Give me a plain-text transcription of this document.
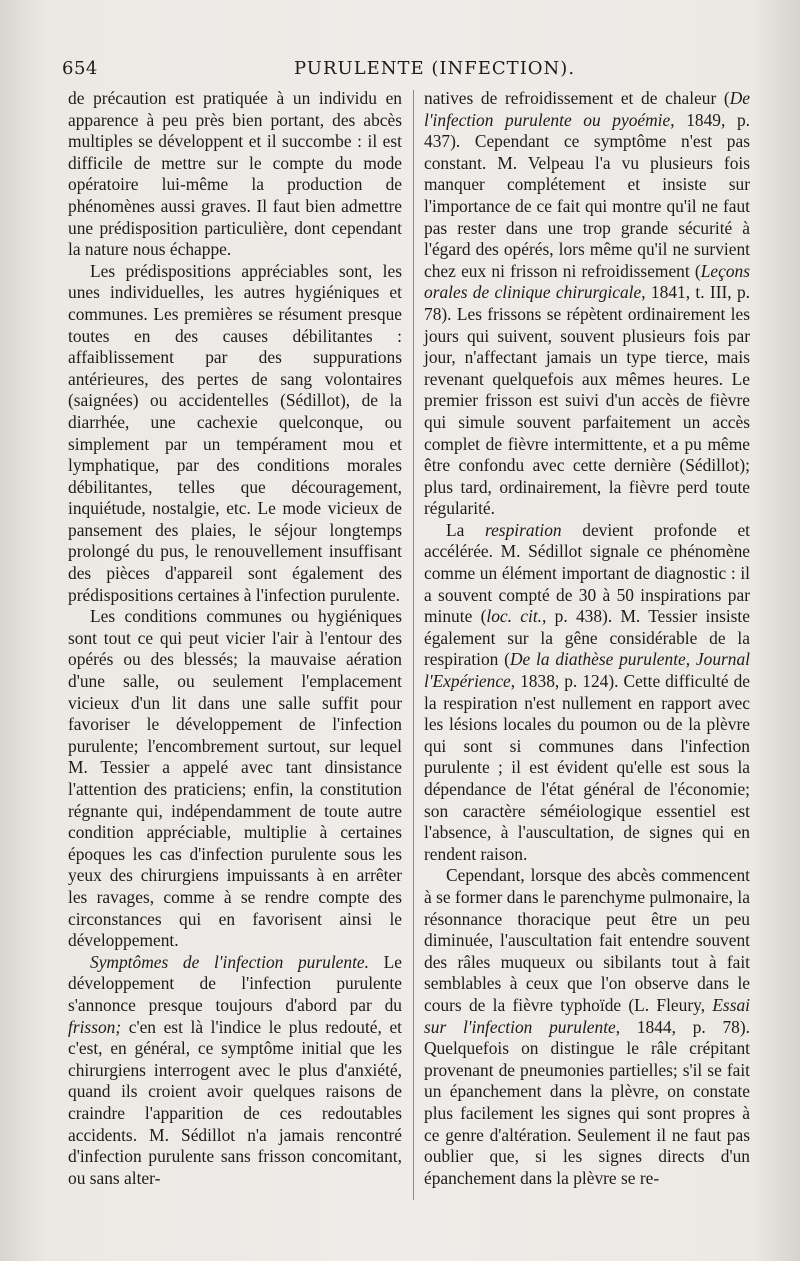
654	PURULENTE (INFECTION).

de précaution est pratiquée à un individu en apparence à peu près bien portant, des abcès multiples se développent et il succombe : il est difficile de mettre sur le compte du mode opératoire lui-même la production de phénomènes aussi graves. Il faut bien admettre une prédisposition particulière, dont cependant la nature nous échappe.

Les prédispositions appréciables sont, les unes individuelles, les autres hygiéniques et communes. Les premières se résument presque toutes en des causes débilitantes : affaiblissement par des suppurations antérieures, des pertes de sang volontaires (saignées) ou accidentelles (Sédillot), de la diarrhée, une cachexie quelconque, ou simplement par un tempérament mou et lymphatique, par des conditions morales débilitantes, telles que découragement, inquiétude, nostalgie, etc. Le mode vicieux de pansement des plaies, le séjour longtemps prolongé du pus, le renouvellement insuffisant des pièces d'appareil sont également des prédispositions certaines à l'infection purulente.

Les conditions communes ou hygiéniques sont tout ce qui peut vicier l'air à l'entour des opérés ou des blessés; la mauvaise aération d'une salle, ou seulement l'emplacement vicieux d'un lit dans une salle suffit pour favoriser le développement de l'infection purulente; l'encombrement surtout, sur lequel M. Tessier a appelé avec tant dinsistance l'attention des praticiens; enfin, la constitution régnante qui, indépendamment de toute autre condition appréciable, multiplie à certaines époques les cas d'infection purulente sous les yeux des chirurgiens impuissants à en arrêter les ravages, comme à se rendre compte des circonstances qui en favorisent ainsi le développement.

Symptômes de l'infection purulente. Le développement de l'infection purulente s'annonce presque toujours d'abord par du frisson; c'en est là l'indice le plus redouté, et c'est, en général, ce symptôme initial que les chirurgiens interrogent avec le plus d'anxiété, quand ils croient avoir quelques raisons de craindre l'apparition de ces redoutables accidents. M. Sédillot n'a jamais rencontré d'infection purulente sans frisson concomitant, ou sans alter-

natives de refroidissement et de chaleur (De l'infection purulente ou pyoémie, 1849, p. 437). Cependant ce symptôme n'est pas constant. M. Velpeau l'a vu plusieurs fois manquer complétement et insiste sur l'importance de ce fait qui montre qu'il ne faut pas rester dans une trop grande sécurité à l'égard des opérés, lors même qu'il ne survient chez eux ni frisson ni refroidissement (Leçons orales de clinique chirurgicale, 1841, t. III, p. 78). Les frissons se répètent ordinairement les jours qui suivent, souvent plusieurs fois par jour, n'affectant jamais un type tierce, mais revenant quelquefois aux mêmes heures. Le premier frisson est suivi d'un accès de fièvre qui simule souvent parfaitement un accès complet de fièvre intermittente, et a pu même être confondu avec cette dernière (Sédillot); plus tard, ordinairement, la fièvre perd toute régularité.

La respiration devient profonde et accélérée. M. Sédillot signale ce phénomène comme un élément important de diagnostic : il a souvent compté de 30 à 50 inspirations par minute (loc. cit., p. 438). M. Tessier insiste également sur la gêne considérable de la respiration (De la diathèse purulente, Journal l'Expérience, 1838, p. 124). Cette difficulté de la respiration n'est nullement en rapport avec les lésions locales du poumon ou de la plèvre qui sont si communes dans l'infection purulente ; il est évident qu'elle est sous la dépendance de l'état général de l'économie; son caractère séméiologique essentiel est l'absence, à l'auscultation, de signes qui en rendent raison.

Cependant, lorsque des abcès commencent à se former dans le parenchyme pulmonaire, la résonnance thoracique peut être un peu diminuée, l'auscultation fait entendre souvent des râles muqueux ou sibilants tout à fait semblables à ceux que l'on observe dans le cours de la fièvre typhoïde (L. Fleury, Essai sur l'infection purulente, 1844, p. 78). Quelquefois on distingue le râle crépitant provenant de pneumonies partielles; s'il se fait un épanchement dans la plèvre, on constate plus facilement les signes qui sont propres à ce genre d'altération. Seulement il ne faut pas oublier que, si les signes directs d'un épanchement dans la plèvre se re-
